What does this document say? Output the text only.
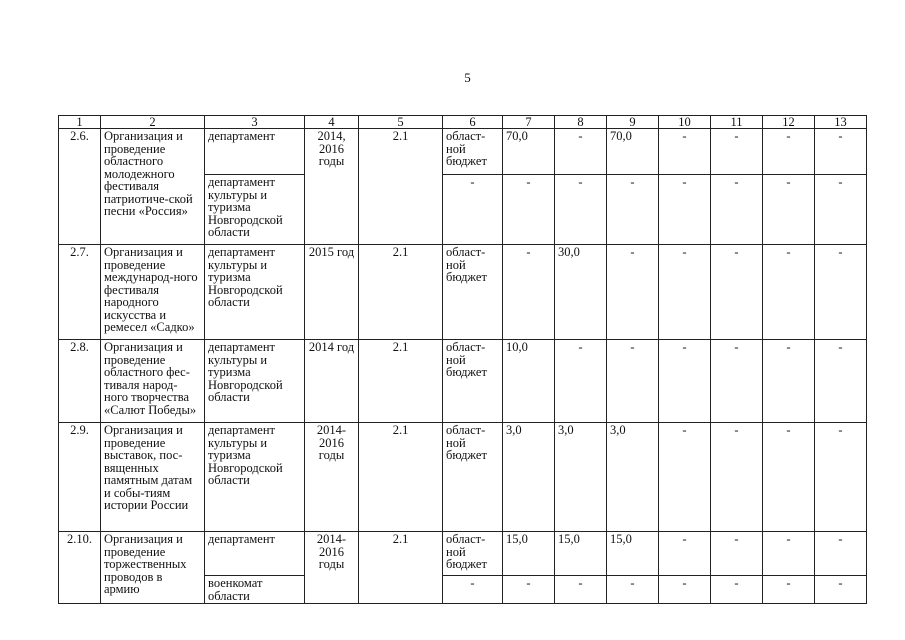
5
1	2	3	4	5	6	7	8	9	10	11	12	13
2.6.	Организация и проведение областного молодежного фестиваля патриотиче-ской песни «Россия»	департамент	2014, 2016 годы	2.1	област-ной бюджет	70,0	-	70,0	-	-	-	-
		департамент культуры и туризма Новгородской области			-	-	-	-	-	-	-	-
2.7.	Организация и проведение международ-ного фестиваля народного искусства и ремесел «Садко»	департамент культуры и туризма Новгородской области	2015 год	2.1	област-ной бюджет	-	30,0	-	-	-	-	-
2.8.	Организация и проведение областного фес-тиваля народ-ного творчества «Салют Победы»	департамент культуры и туризма Новгородской области	2014 год	2.1	област-ной бюджет	10,0	-	-	-	-	-	-
2.9.	Организация и проведение выставок, пос-вященных памятным датам и собы-тиям истории России	департамент культуры и туризма Новгородской области	2014-2016 годы	2.1	област-ной бюджет	3,0	3,0	3,0	-	-	-	-
2.10.	Организация и проведение торжественных проводов в армию	департамент	2014-2016 годы	2.1	област-ной бюджет	15,0	15,0	15,0	-	-	-	-
		военкомат области			-	-	-	-	-	-	-	-
